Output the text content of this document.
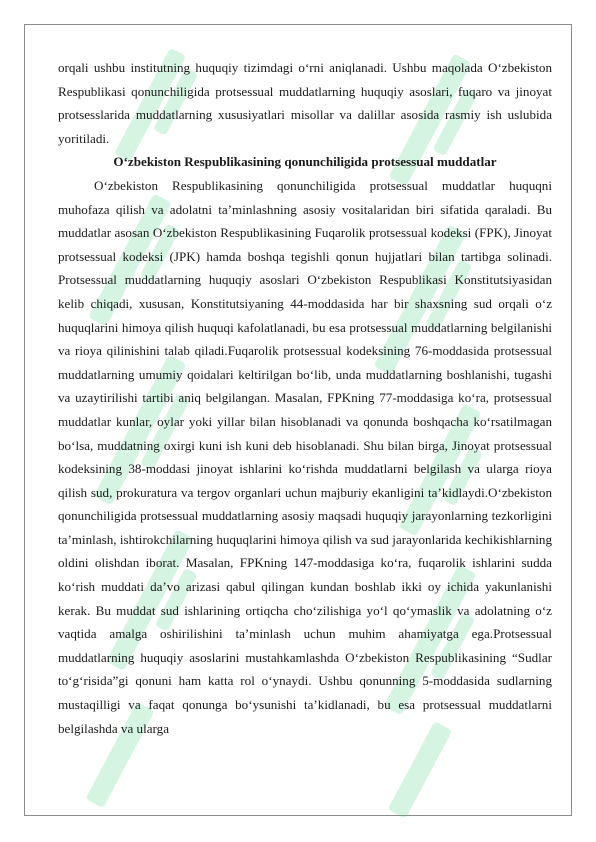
orqali ushbu institutning huquqiy tizimdagi o‘rni aniqlanadi. Ushbu maqolada O‘zbekiston Respublikasi qonunchiligida protsessual muddatlarning huquqiy asoslari, fuqaro va jinoyat protsesslarida muddatlarning xususiyatlari misollar va dalillar asosida rasmiy ish uslubida yoritiladi.

O‘zbekiston Respublikasining qonunchiligida protsessual muddatlar

O‘zbekiston Respublikasining qonunchiligida protsessual muddatlar huquqni muhofaza qilish va adolatni ta’minlashning asosiy vositalaridan biri sifatida qaraladi. Bu muddatlar asosan O‘zbekiston Respublikasining Fuqarolik protsessual kodeksi (FPK), Jinoyat protsessual kodeksi (JPK) hamda boshqa tegishli qonun hujjatlari bilan tartibga solinadi. Protsessual muddatlarning huquqiy asoslari O‘zbekiston Respublikasi Konstitutsiyasidan kelib chiqadi, xususan, Konstitutsiyaning 44-moddasida har bir shaxsning sud orqali o‘z huquqlarini himoya qilish huquqi kafolatlanadi, bu esa protsessual muddatlarning belgilanishi va rioya qilinishini talab qiladi.Fuqarolik protsessual kodeksining 76-moddasida protsessual muddatlarning umumiy qoidalari keltirilgan bo‘lib, unda muddatlarning boshlanishi, tugashi va uzaytirilishi tartibi aniq belgilangan. Masalan, FPKning 77-moddasiga ko‘ra, protsessual muddatlar kunlar, oylar yoki yillar bilan hisoblanadi va qonunda boshqacha ko‘rsatilmagan bo‘lsa, muddatning oxirgi kuni ish kuni deb hisoblanadi. Shu bilan birga, Jinoyat protsessual kodeksining 38-moddasi jinoyat ishlarini ko‘rishda muddatlarni belgilash va ularga rioya qilish sud, prokuratura va tergov organlari uchun majburiy ekanligini ta’kidlaydi.O‘zbekiston qonunchiligida protsessual muddatlarning asosiy maqsadi huquqiy jarayonlarning tezkorligini ta’minlash, ishtirokchilarning huquqlarini himoya qilish va sud jarayonlarida kechikishlarning oldini olishdan iborat. Masalan, FPKning 147-moddasiga ko‘ra, fuqarolik ishlarini sudda ko‘rish muddati da’vo arizasi qabul qilingan kundan boshlab ikki oy ichida yakunlanishi kerak. Bu muddat sud ishlarining ortiqcha cho‘zilishiga yo‘l qo‘ymaslik va adolatning o‘z vaqtida amalga oshirilishini ta’minlash uchun muhim ahamiyatga ega.Protsessual muddatlarning huquqiy asoslarini mustahkamlashda O‘zbekiston Respublikasining “Sudlar to‘g‘risida”gi qonuni ham katta rol o‘ynaydi. Ushbu qonunning 5-moddasida sudlarning mustaqilligi va faqat qonunga bo‘ysunishi ta’kidlanadi, bu esa protsessual muddatlarni belgilashda va ularga
